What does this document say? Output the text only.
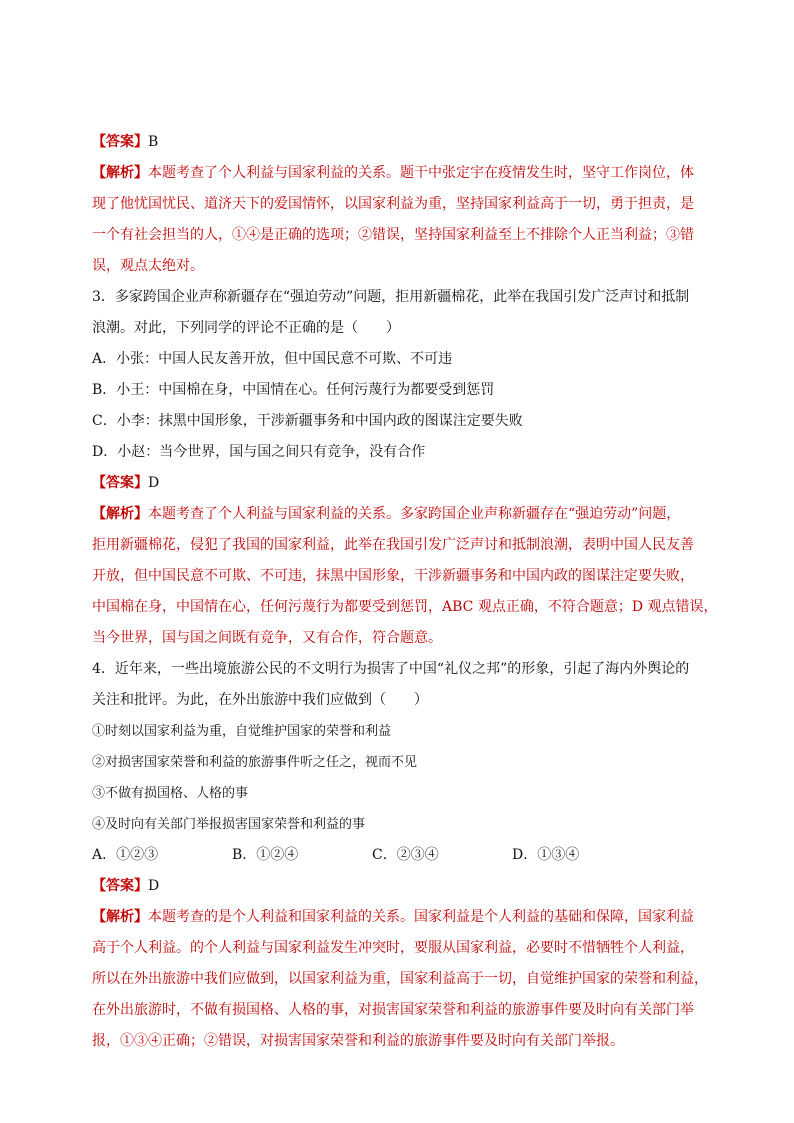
【答案】B
【解析】本题考查了个人利益与国家利益的关系。题干中张定宇在疫情发生时，坚守工作岗位，体
现了他忧国忧民、道济天下的爱国情怀，以国家利益为重，坚持国家利益高于一切，勇于担责，是
一个有社会担当的人，①④是正确的选项；②错误，坚持国家利益至上不排除个人正当利益；③错
误，观点太绝对。
3．多家跨国企业声称新疆存在“强迫劳动”问题，拒用新疆棉花，此举在我国引发广泛声讨和抵制
浪潮。对此，下列同学的评论不正确的是（　　）
A．小张：中国人民友善开放，但中国民意不可欺、不可违
B．小王：中国棉在身，中国情在心。任何污蔑行为都要受到惩罚
C．小李：抹黑中国形象，干涉新疆事务和中国内政的图谋注定要失败
D．小赵：当今世界，国与国之间只有竞争，没有合作
【答案】D
【解析】本题考查了个人利益与国家利益的关系。多家跨国企业声称新疆存在“强迫劳动”问题，
拒用新疆棉花，侵犯了我国的国家利益，此举在我国引发广泛声讨和抵制浪潮，表明中国人民友善
开放，但中国民意不可欺、不可违，抹黑中国形象，干涉新疆事务和中国内政的图谋注定要失败，
中国棉在身，中国情在心，任何污蔑行为都要受到惩罚，ABC 观点正确，不符合题意；D 观点错误，
当今世界，国与国之间既有竞争，又有合作，符合题意。
4．近年来，一些出境旅游公民的不文明行为损害了中国“礼仪之邦”的形象，引起了海内外舆论的
关注和批评。为此，在外出旅游中我们应做到（　　）
①时刻以国家利益为重，自觉维护国家的荣誉和利益
②对损害国家荣誉和利益的旅游事件听之任之，视而不见
③不做有损国格、人格的事
④及时向有关部门举报损害国家荣誉和利益的事
A．①②③	B．①②④	C．②③④	D．①③④
【答案】D
【解析】本题考查的是个人利益和国家利益的关系。国家利益是个人利益的基础和保障，国家利益
高于个人利益。的个人利益与国家利益发生冲突时，要服从国家利益，必要时不惜牺牲个人利益，
所以在外出旅游中我们应做到，以国家利益为重，国家利益高于一切，自觉维护国家的荣誉和利益，
在外出旅游时，不做有损国格、人格的事，对损害国家荣誉和利益的旅游事件要及时向有关部门举
报，①③④正确；②错误，对损害国家荣誉和利益的旅游事件要及时向有关部门举报。
